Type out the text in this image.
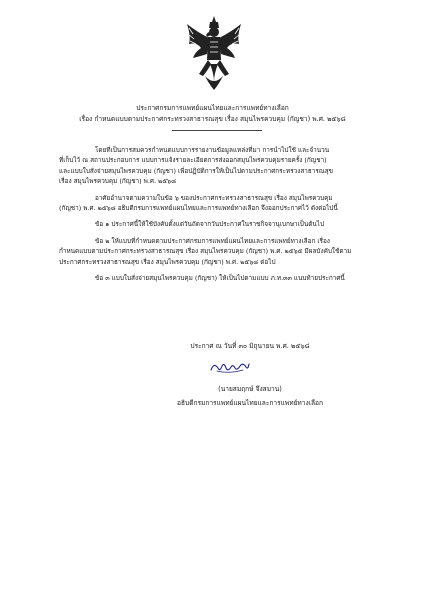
ประกาศกรมการแพทย์แผนไทยและการแพทย์ทางเลือก
เรื่อง กำหนดแบบตามประกาศกระทรวงสาธารณสุข เรื่อง สมุนไพรควบคุม (กัญชา) พ.ศ. ๒๕๖๘
โดยที่เป็นการสมควรกำหนดแบบการรายงานข้อมูลแหล่งที่มา การนำไปใช้ และจำนวน
ที่เก็บไว้ ณ สถานประกอบการ แบบการแจ้งรายละเอียดการส่งออกสมุนไพรควบคุมรายครั้ง (กัญชา)
และแบบใบสั่งจ่ายสมุนไพรควบคุม (กัญชา) เพื่อปฏิบัติการให้เป็นไปตามประกาศกระทรวงสาธารณสุข
เรื่อง สมุนไพรควบคุม (กัญชา) พ.ศ. ๒๕๖๘
อาศัยอำนาจตามความในข้อ ๖ ของประกาศกระทรวงสาธารณสุข เรื่อง สมุนไพรควบคุม
(กัญชา) พ.ศ. ๒๕๖๘ อธิบดีกรมการแพทย์แผนไทยและการแพทย์ทางเลือก จึงออกประกาศไว้ ดังต่อไปนี้
ข้อ ๑ ประกาศนี้ให้ใช้บังคับตั้งแต่วันถัดจากวันประกาศในราชกิจจานุเบกษาเป็นต้นไป
ข้อ ๒ ให้แบบที่กำหนดตามประกาศกรมการแพทย์แผนไทยและการแพทย์ทางเลือก เรื่อง
กำหนดแบบตามประกาศกระทรวงสาธารณสุข เรื่อง สมุนไพรควบคุม (กัญชา) พ.ศ. ๒๕๖๕ มีผลบังคับใช้ตาม
ประกาศกระทรวงสาธารณสุข เรื่อง สมุนไพรควบคุม (กัญชา) พ.ศ. ๒๕๖๘ ต่อไป
ข้อ ๓ แบบใบสั่งจ่ายสมุนไพรควบคุม (กัญชา) ให้เป็นไปตามแบบ ภ.ท.๓๓ แนบท้ายประกาศนี้
ประกาศ ณ วันที่ ๓๐ มิถุนายน พ.ศ. ๒๕๖๘
(นายสมฤกษ์ จึงสมาน)
อธิบดีกรมการแพทย์แผนไทยและการแพทย์ทางเลือก
